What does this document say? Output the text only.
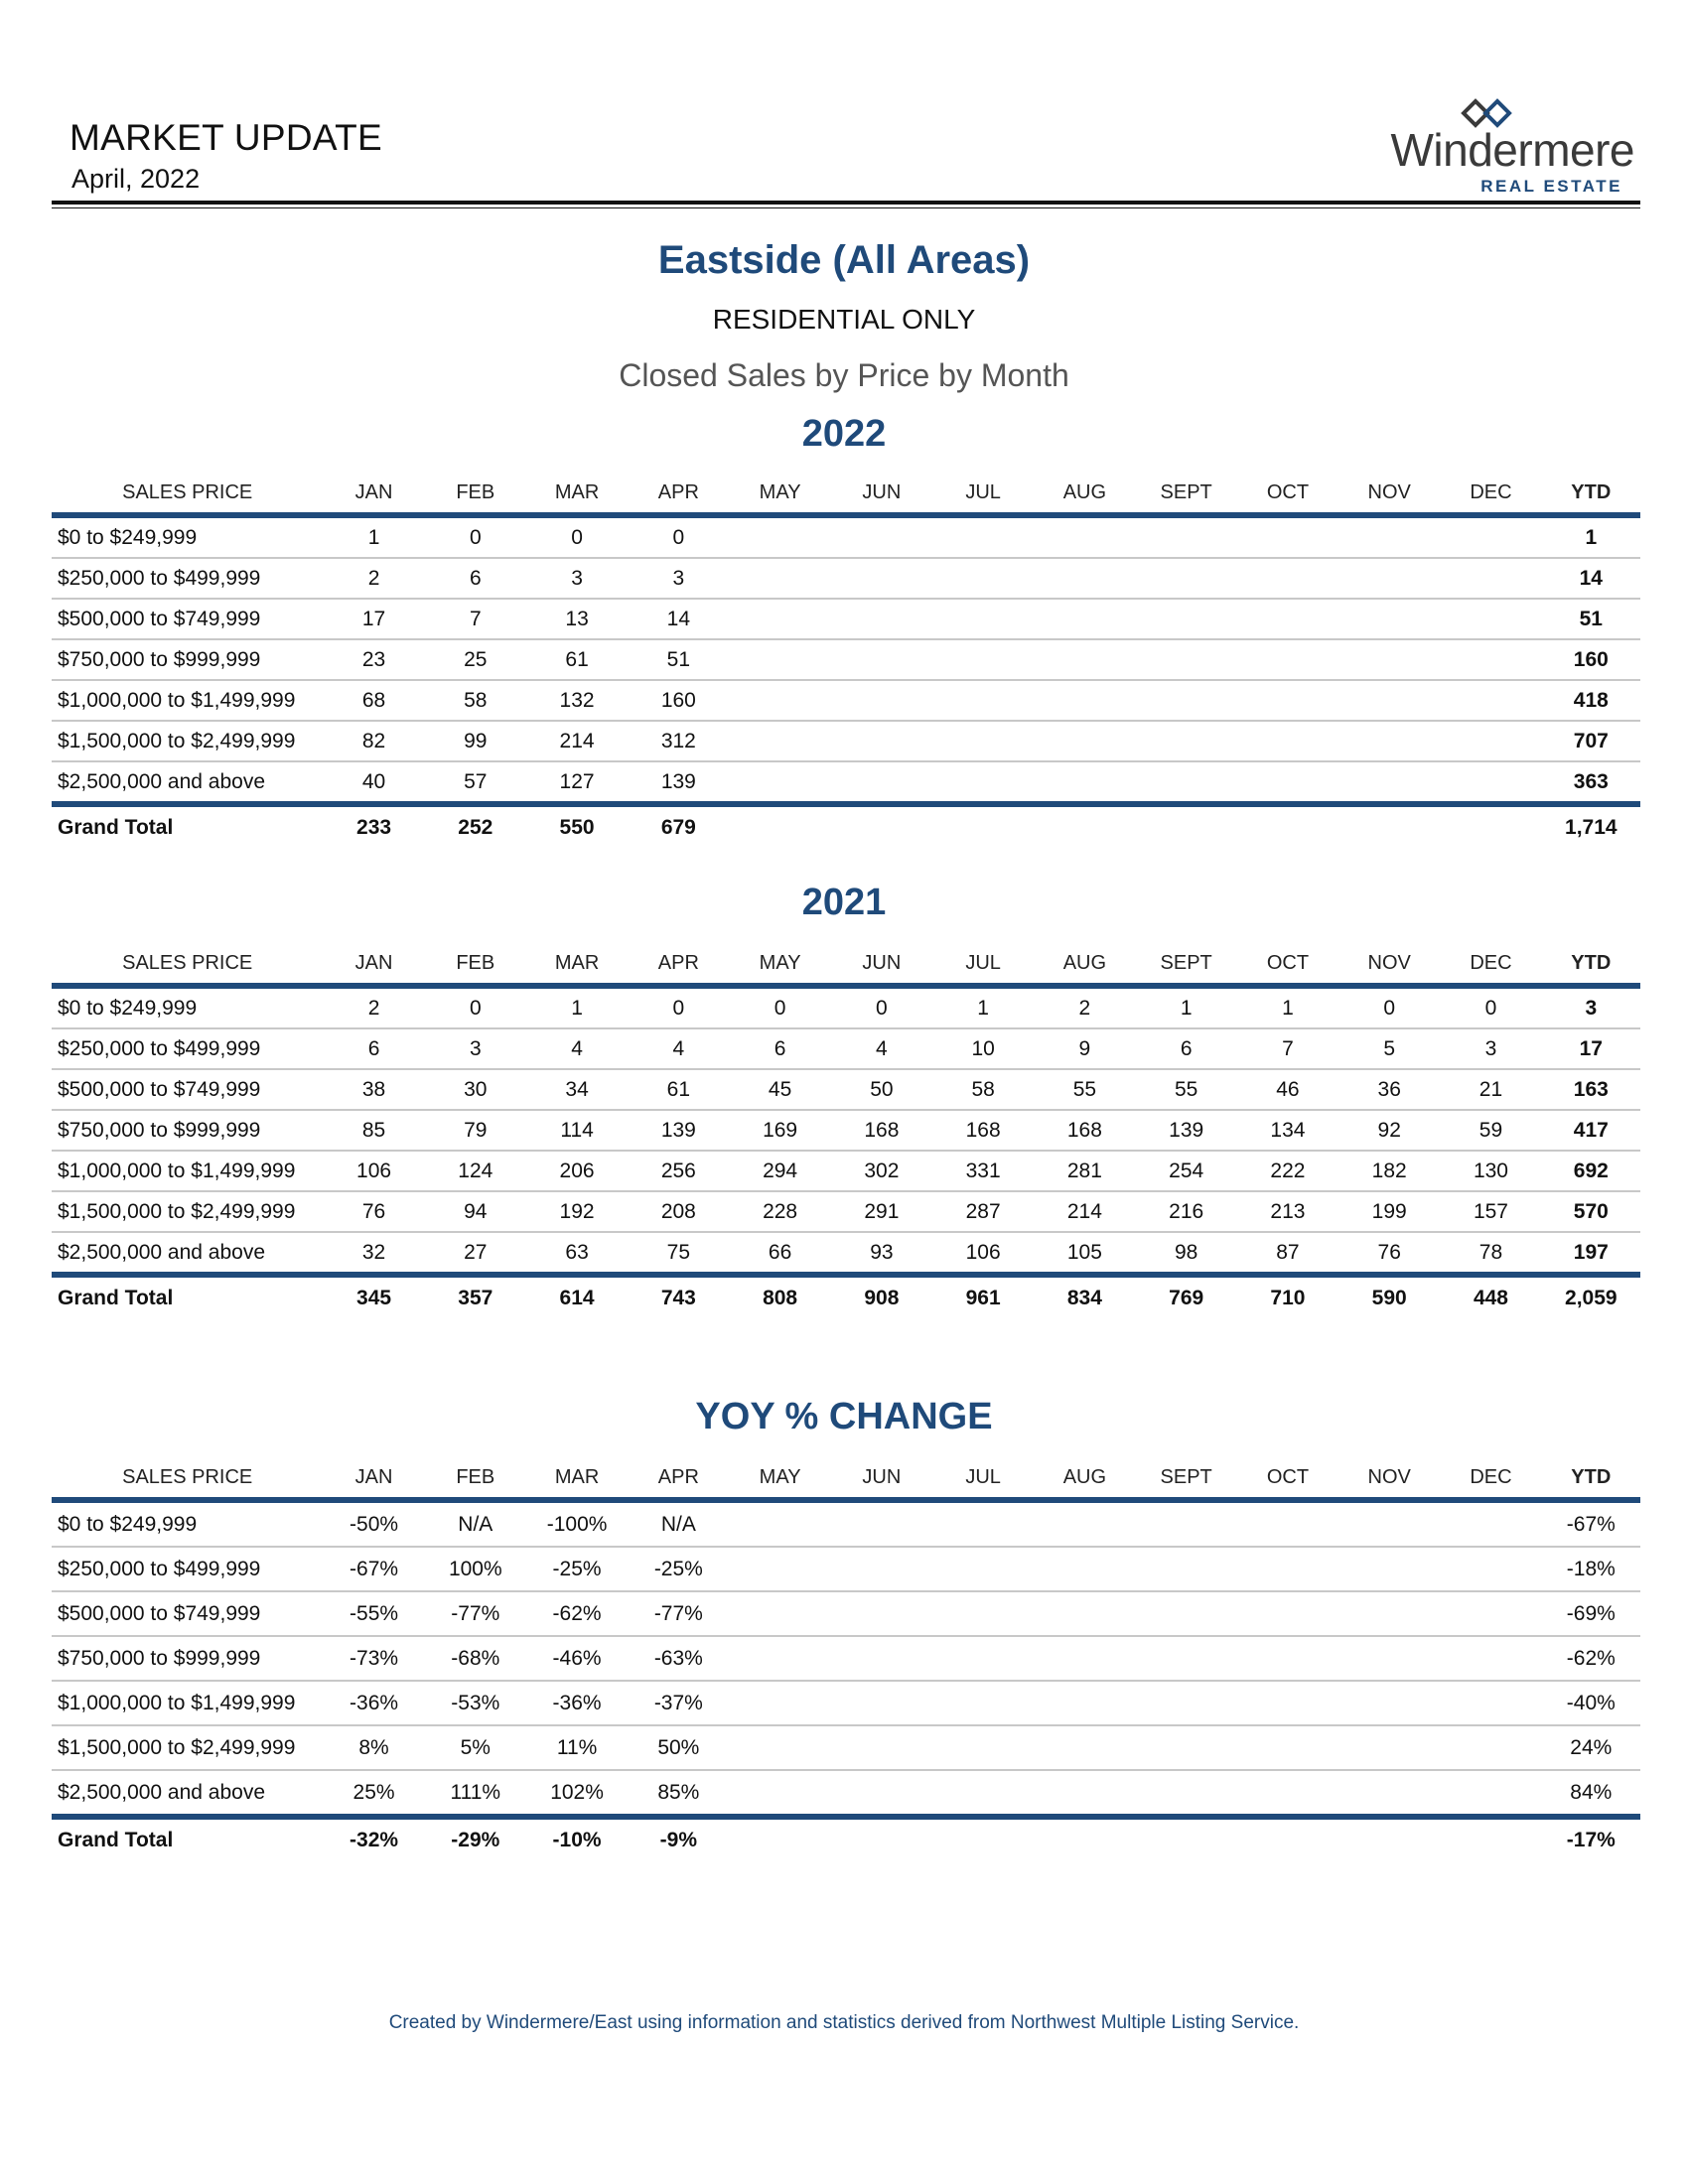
MARKET UPDATE
April, 2022
Windermere
REAL ESTATE
Eastside (All Areas)
RESIDENTIAL ONLY
Closed Sales by Price by Month
2022
SALES PRICE	JAN	FEB	MAR	APR	MAY	JUN	JUL	AUG	SEPT	OCT	NOV	DEC	YTD
$0 to $249,999	1	0	0	0									1
$250,000 to $499,999	2	6	3	3									14
$500,000 to $749,999	17	7	13	14									51
$750,000 to $999,999	23	25	61	51									160
$1,000,000 to $1,499,999	68	58	132	160									418
$1,500,000 to $2,499,999	82	99	214	312									707
$2,500,000 and above	40	57	127	139									363
Grand Total	233	252	550	679									1,714
2021
SALES PRICE	JAN	FEB	MAR	APR	MAY	JUN	JUL	AUG	SEPT	OCT	NOV	DEC	YTD
$0 to $249,999	2	0	1	0	0	0	1	2	1	1	0	0	3
$250,000 to $499,999	6	3	4	4	6	4	10	9	6	7	5	3	17
$500,000 to $749,999	38	30	34	61	45	50	58	55	55	46	36	21	163
$750,000 to $999,999	85	79	114	139	169	168	168	168	139	134	92	59	417
$1,000,000 to $1,499,999	106	124	206	256	294	302	331	281	254	222	182	130	692
$1,500,000 to $2,499,999	76	94	192	208	228	291	287	214	216	213	199	157	570
$2,500,000 and above	32	27	63	75	66	93	106	105	98	87	76	78	197
Grand Total	345	357	614	743	808	908	961	834	769	710	590	448	2,059
YOY % CHANGE
SALES PRICE	JAN	FEB	MAR	APR	MAY	JUN	JUL	AUG	SEPT	OCT	NOV	DEC	YTD
$0 to $249,999	-50%	N/A	-100%	N/A									-67%
$250,000 to $499,999	-67%	100%	-25%	-25%									-18%
$500,000 to $749,999	-55%	-77%	-62%	-77%									-69%
$750,000 to $999,999	-73%	-68%	-46%	-63%									-62%
$1,000,000 to $1,499,999	-36%	-53%	-36%	-37%									-40%
$1,500,000 to $2,499,999	8%	5%	11%	50%									24%
$2,500,000 and above	25%	111%	102%	85%									84%
Grand Total	-32%	-29%	-10%	-9%									-17%
Created by Windermere/East using information and statistics derived from Northwest Multiple Listing Service.
